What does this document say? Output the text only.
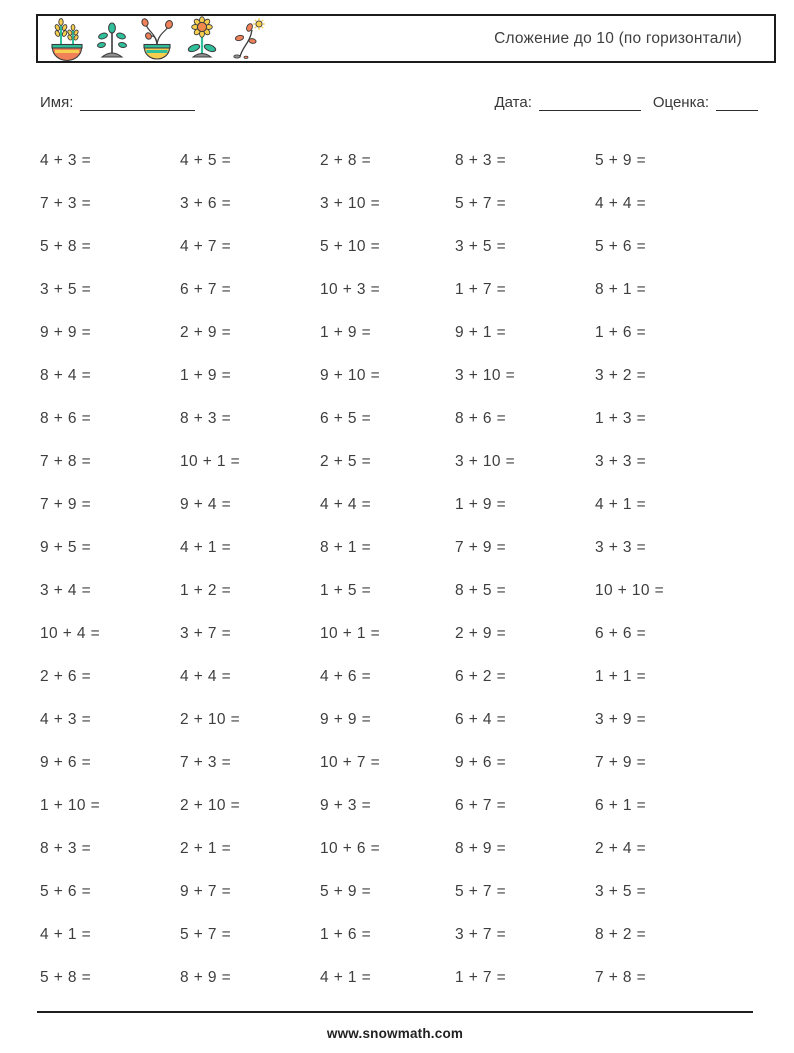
Сложение до 10 (по горизонтали)
Имя:	Дата:	Оценка:
4 + 3 =	4 + 5 =	2 + 8 =	8 + 3 =	5 + 9 =
7 + 3 =	3 + 6 =	3 + 10 =	5 + 7 =	4 + 4 =
5 + 8 =	4 + 7 =	5 + 10 =	3 + 5 =	5 + 6 =
3 + 5 =	6 + 7 =	10 + 3 =	1 + 7 =	8 + 1 =
9 + 9 =	2 + 9 =	1 + 9 =	9 + 1 =	1 + 6 =
8 + 4 =	1 + 9 =	9 + 10 =	3 + 10 =	3 + 2 =
8 + 6 =	8 + 3 =	6 + 5 =	8 + 6 =	1 + 3 =
7 + 8 =	10 + 1 =	2 + 5 =	3 + 10 =	3 + 3 =
7 + 9 =	9 + 4 =	4 + 4 =	1 + 9 =	4 + 1 =
9 + 5 =	4 + 1 =	8 + 1 =	7 + 9 =	3 + 3 =
3 + 4 =	1 + 2 =	1 + 5 =	8 + 5 =	10 + 10 =
10 + 4 =	3 + 7 =	10 + 1 =	2 + 9 =	6 + 6 =
2 + 6 =	4 + 4 =	4 + 6 =	6 + 2 =	1 + 1 =
4 + 3 =	2 + 10 =	9 + 9 =	6 + 4 =	3 + 9 =
9 + 6 =	7 + 3 =	10 + 7 =	9 + 6 =	7 + 9 =
1 + 10 =	2 + 10 =	9 + 3 =	6 + 7 =	6 + 1 =
8 + 3 =	2 + 1 =	10 + 6 =	8 + 9 =	2 + 4 =
5 + 6 =	9 + 7 =	5 + 9 =	5 + 7 =	3 + 5 =
4 + 1 =	5 + 7 =	1 + 6 =	3 + 7 =	8 + 2 =
5 + 8 =	8 + 9 =	4 + 1 =	1 + 7 =	7 + 8 =
www.snowmath.com
